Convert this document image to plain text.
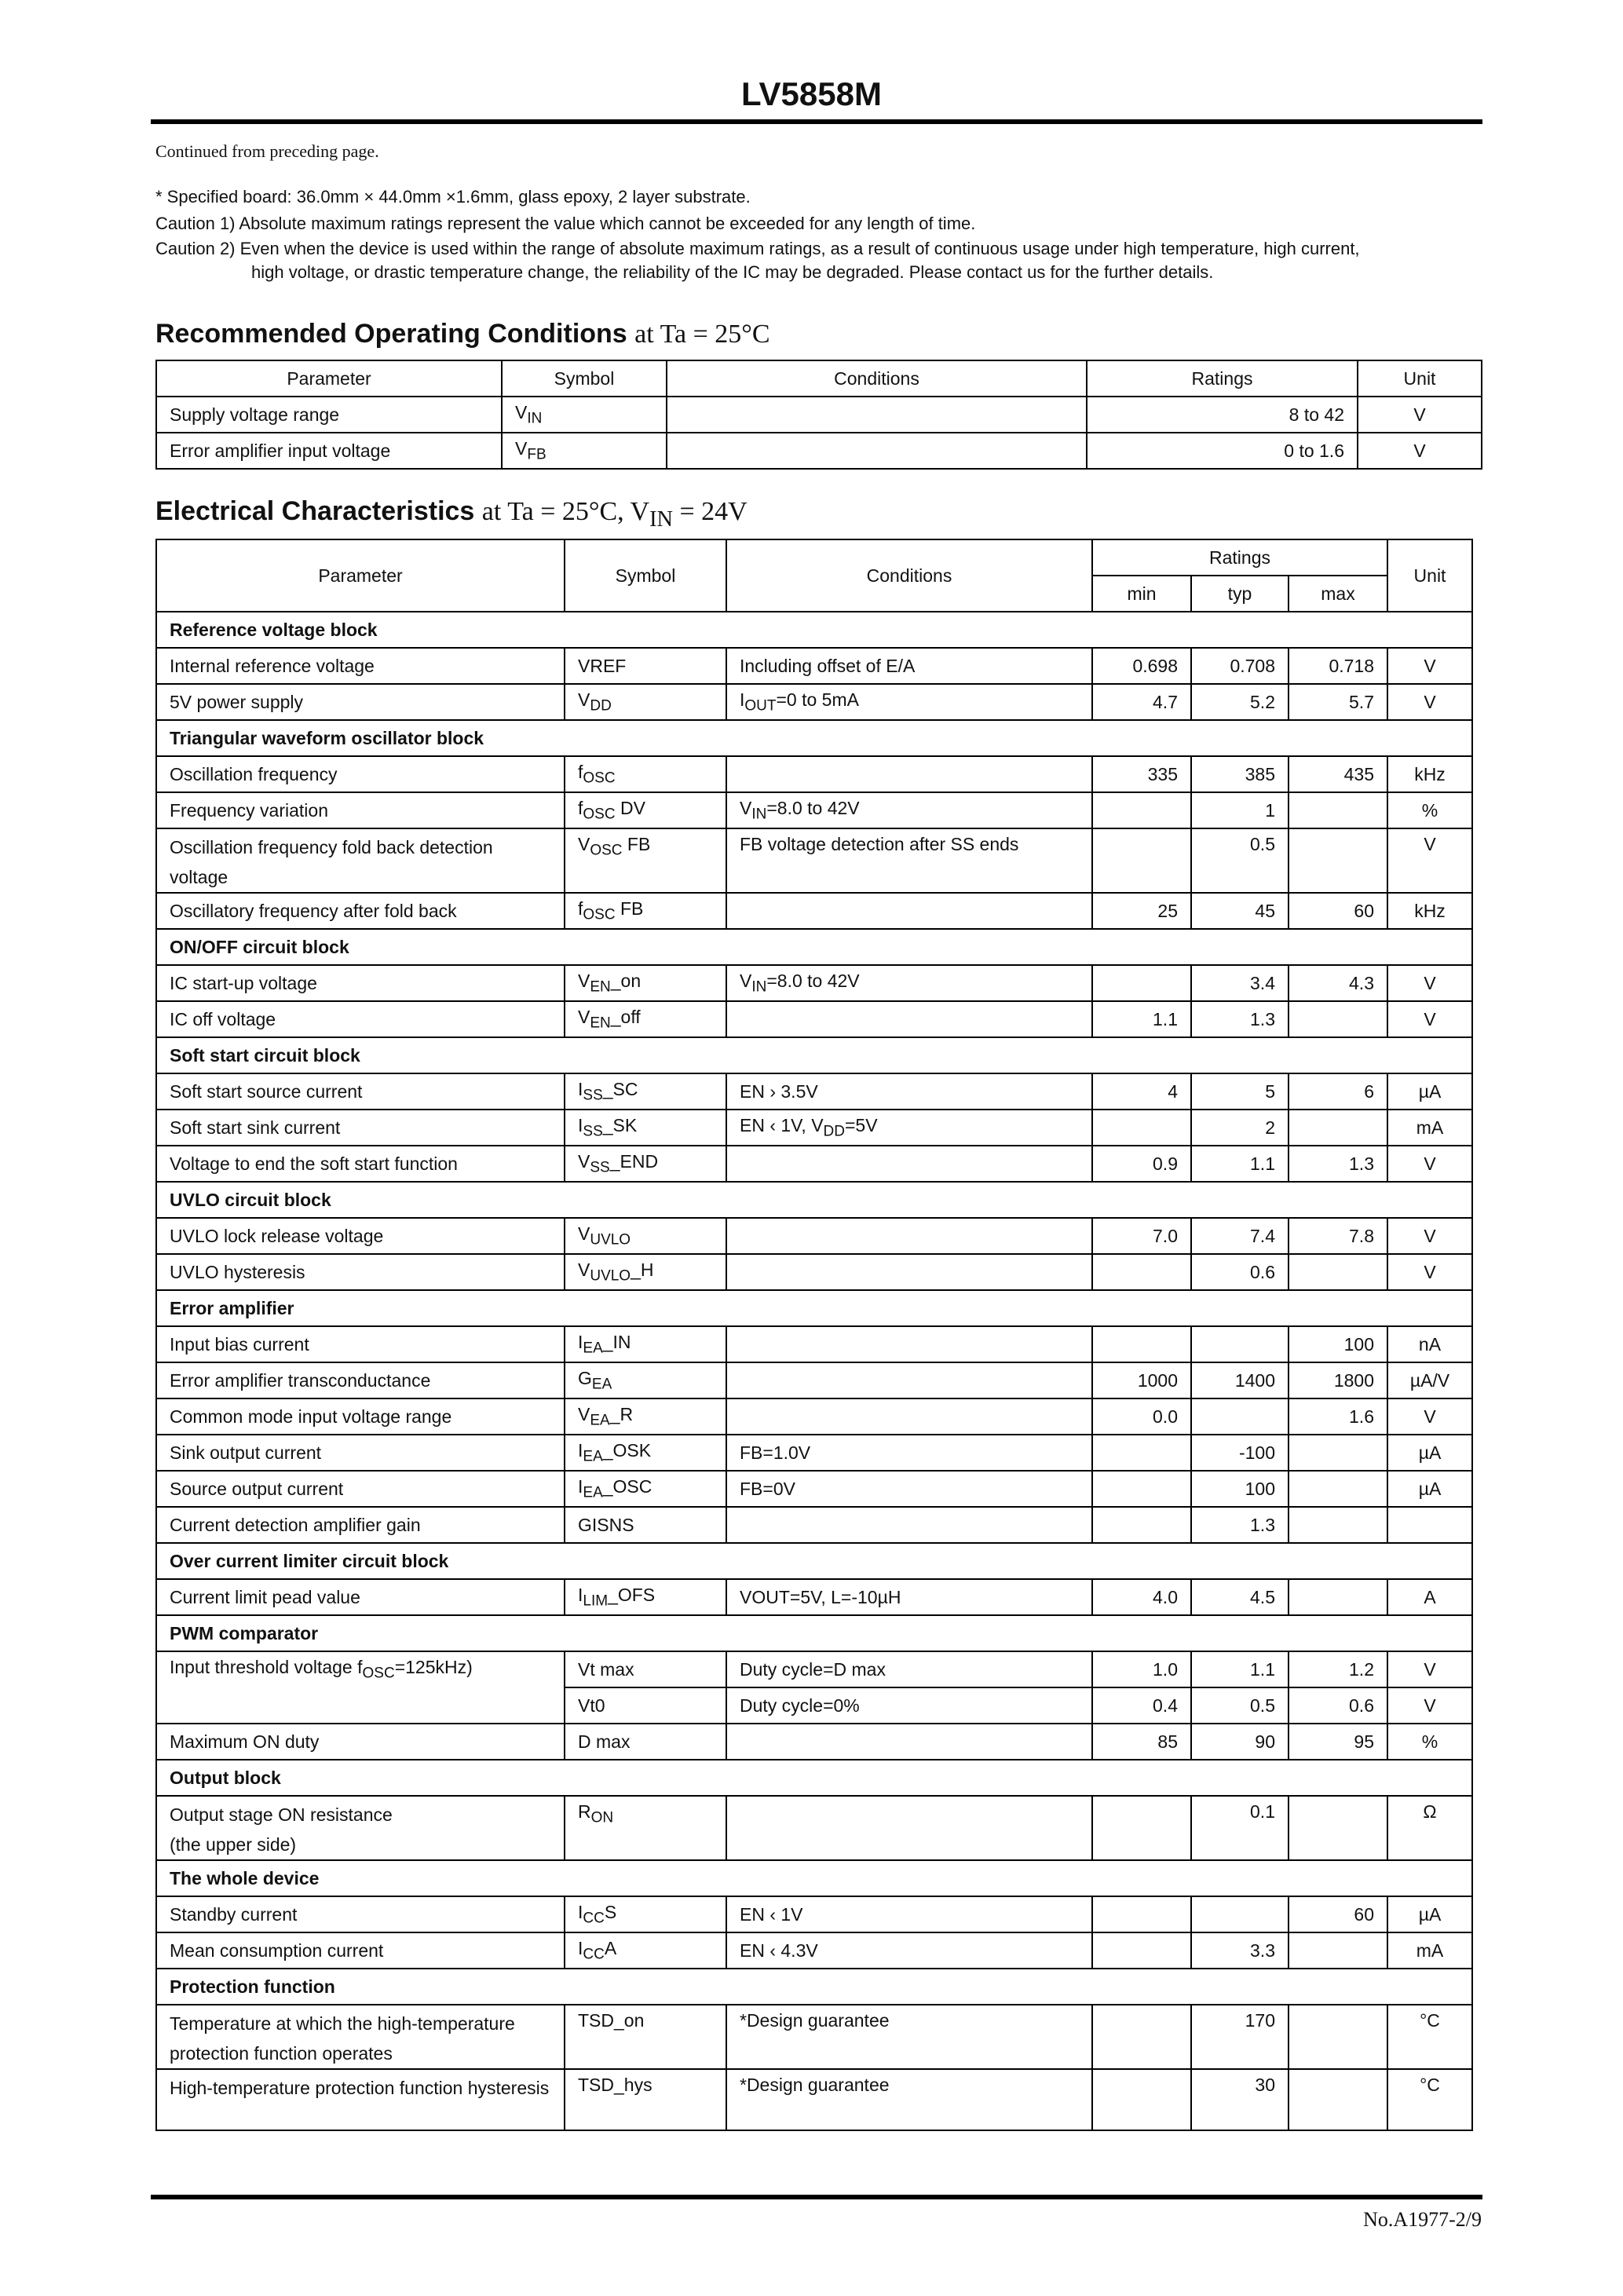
LV5858M
Continued from preceding page.
* Specified board: 36.0mm × 44.0mm ×1.6mm, glass epoxy, 2 layer substrate.
Caution 1) Absolute maximum ratings represent the value which cannot be exceeded for any length of time.
Caution 2) Even when the device is used within the range of absolute maximum ratings, as a result of continuous usage under high temperature, high current,
high voltage, or drastic temperature change, the reliability of the IC may be degraded. Please contact us for the further details.
Recommended Operating Conditions at Ta = 25°C
Parameter	Symbol	Conditions	Ratings	Unit
Supply voltage range	$V_{IN}$		8 to 42	V
Error amplifier input voltage	$V_{FB}$		0 to 1.6	V
Electrical Characteristics at Ta = 25°C, $V_{IN} = 24V$
Parameter	Symbol	Conditions	Ratings			Unit
			min	typ	max	
Reference voltage block						
Internal reference voltage	VREF	Including offset of E/A	0.698	0.708	0.718	V
5V power supply	$V_{DD}$	$I_{OUT}=0$ to 5mA	4.7	5.2	5.7	V
Triangular waveform oscillator block						
Oscillation frequency	$f_{OSC}$		335	385	435	kHz
Frequency variation	$f_{OSC}$ DV	$V_{IN}=8.0$ to 42V		1		%
Oscillation frequency fold back detection voltage	$V_{OSC}$ FB	FB voltage detection after SS ends		0.5		V
Oscillatory frequency after fold back	$f_{OSC}$ FB		25	45	60	kHz
ON/OFF circuit block						
IC start-up voltage	$V_{EN}\_on$	$V_{IN}=8.0$ to 42V		3.4	4.3	V
IC off voltage	$V_{EN}\_off$		1.1	1.3		V
Soft start circuit block						
Soft start source current	$I_{SS}\_SC$	EN › 3.5V	4	5	6	µA
Soft start sink current	$I_{SS}\_SK$	EN ‹ 1V, $V_{DD}=5V$		2		mA
Voltage to end the soft start function	$V_{SS}\_END$		0.9	1.1	1.3	V
UVLO circuit block						
UVLO lock release voltage	$V_{UVLO}$		7.0	7.4	7.8	V
UVLO hysteresis	$V_{UVLO}\_H$			0.6		V
Error amplifier						
Input bias current	$I_{EA}\_IN$				100	nA
Error amplifier transconductance	$G_{EA}$		1000	1400	1800	µA/V
Common mode input voltage range	$V_{EA}\_R$		0.0		1.6	V
Sink output current	$I_{EA}\_OSK$	FB=1.0V		-100		µA
Source output current	$I_{EA}\_OSC$	FB=0V		100		µA
Current detection amplifier gain	GISNS			1.3		
Over current limiter circuit block						
Current limit pead value	$I_{LIM}\_OFS$	VOUT=5V, L=-10µH	4.0	4.5		A
PWM comparator						
Input threshold voltage $f_{OSC}=125kHz$)	Vt max	Duty cycle=D max	1.0	1.1	1.2	V
	Vt0	Duty cycle=0%	0.4	0.5	0.6	V
Maximum ON duty	D max		85	90	95	%
Output block						
Output stage ON resistance
(the upper side)	$R_{ON}$			0.1		Ω
The whole device						
Standby current	$I_{CC}S$	EN ‹ 1V			60	µA
Mean consumption current	$I_{CC}A$	EN ‹ 4.3V		3.3		mA
Protection function						
Temperature at which the high-temperature protection function operates	TSD_on	*Design guarantee		170		°C
High-temperature protection function hysteresis	TSD_hys	*Design guarantee		30		°C
No.A1977-2/9
